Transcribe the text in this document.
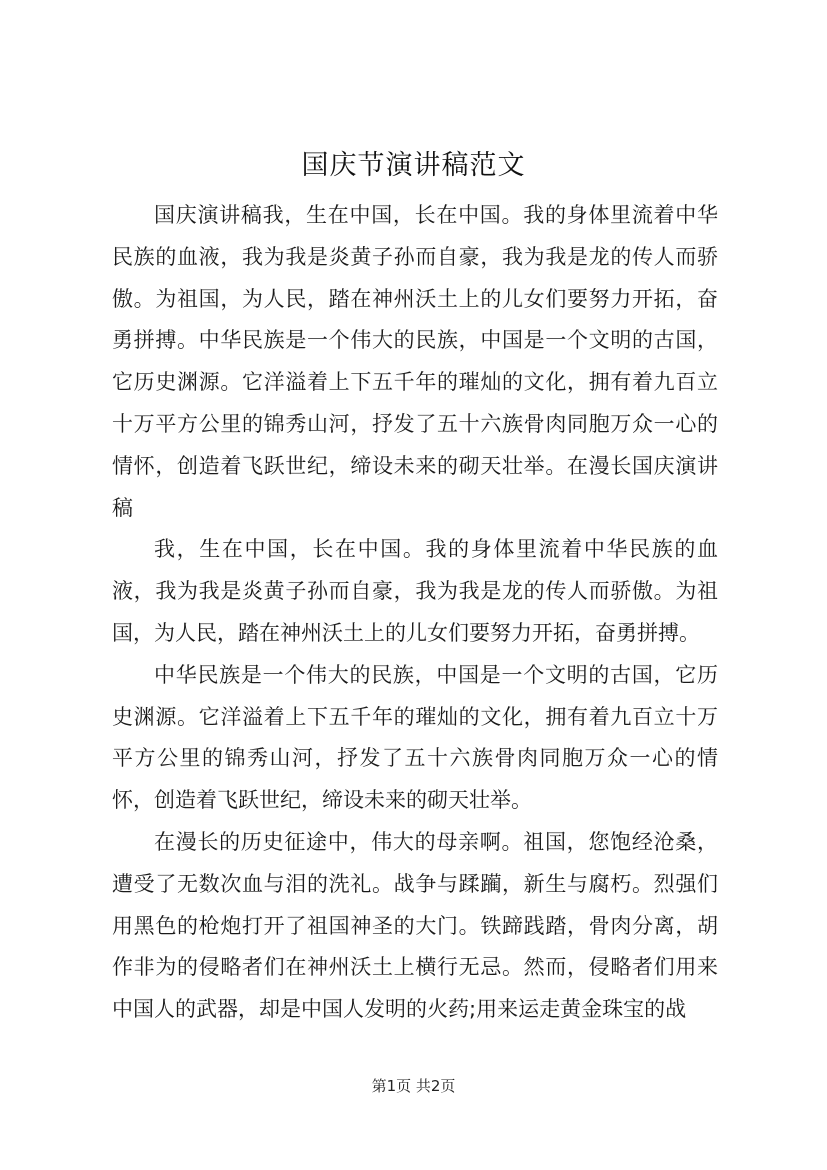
国庆节演讲稿范文

国庆演讲稿我，生在中国，长在中国。我的身体里流着中华民族的血液，我为我是炎黄子孙而自豪，我为我是龙的传人而骄傲。为祖国，为人民，踏在神州沃土上的儿女们要努力开拓，奋勇拼搏。中华民族是一个伟大的民族，中国是一个文明的古国，它历史渊源。它洋溢着上下五千年的璀灿的文化，拥有着九百立十万平方公里的锦秀山河，抒发了五十六族骨肉同胞万众一心的情怀，创造着飞跃世纪，缔设未来的砌天壮举。在漫长国庆演讲稿

我，生在中国，长在中国。我的身体里流着中华民族的血液，我为我是炎黄子孙而自豪，我为我是龙的传人而骄傲。为祖国，为人民，踏在神州沃土上的儿女们要努力开拓，奋勇拼搏。

中华民族是一个伟大的民族，中国是一个文明的古国，它历史渊源。它洋溢着上下五千年的璀灿的文化，拥有着九百立十万平方公里的锦秀山河，抒发了五十六族骨肉同胞万众一心的情怀，创造着飞跃世纪，缔设未来的砌天壮举。

在漫长的历史征途中，伟大的母亲啊。祖国，您饱经沧桑，遭受了无数次血与泪的洗礼。战争与蹂躏，新生与腐朽。烈强们用黑色的枪炮打开了祖国神圣的大门。铁蹄践踏，骨肉分离，胡作非为的侵略者们在神州沃土上横行无忌。然而，侵略者们用来中国人的武器，却是中国人发明的火药;用来运走黄金珠宝的战

第1页 共2页
